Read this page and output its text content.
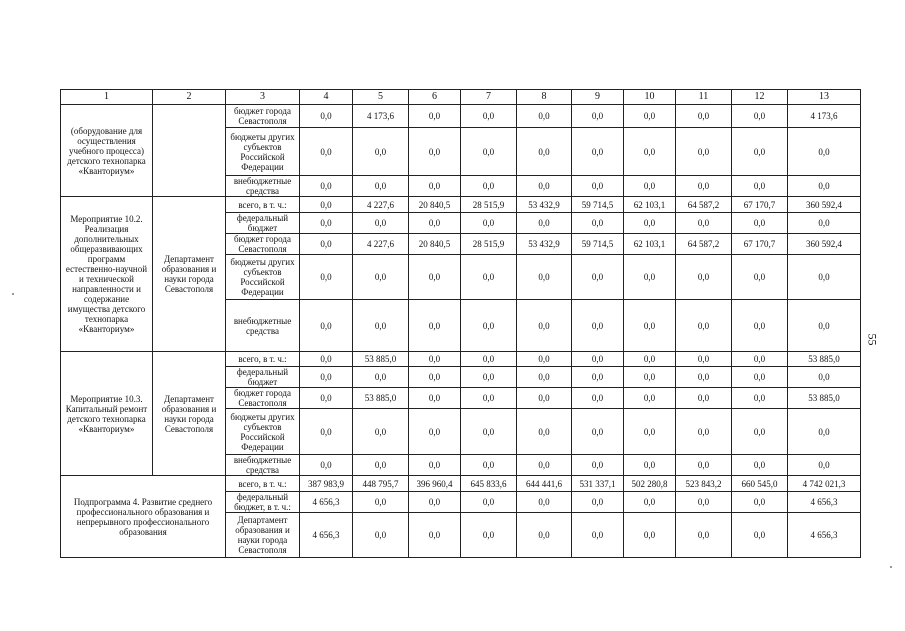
1	2	3	4	5	6	7	8	9	10	11	12	13
(оборудование для осуществления учебного процесса) детского технопарка «Кванториум»		бюджет города Севастополя	0,0	4 173,6	0,0	0,0	0,0	0,0	0,0	0,0	0,0	4 173,6
		бюджеты других субъектов Российской Федерации	0,0	0,0	0,0	0,0	0,0	0,0	0,0	0,0	0,0	0,0
		внебюджетные средства	0,0	0,0	0,0	0,0	0,0	0,0	0,0	0,0	0,0	0,0
Мероприятие 10.2. Реализация дополнительных общеразвивающих программ естественно-научной и технической направленности и содержание имущества детского технопарка «Кванториум»	Департамент образования и науки города Севастополя	всего, в т. ч.:	0,0	4 227,6	20 840,5	28 515,9	53 432,9	59 714,5	62 103,1	64 587,2	67 170,7	360 592,4
		федеральный бюджет	0,0	0,0	0,0	0,0	0,0	0,0	0,0	0,0	0,0	0,0
		бюджет города Севастополя	0,0	4 227,6	20 840,5	28 515,9	53 432,9	59 714,5	62 103,1	64 587,2	67 170,7	360 592,4
		бюджеты других субъектов Российской Федерации	0,0	0,0	0,0	0,0	0,0	0,0	0,0	0,0	0,0	0,0
		внебюджетные средства	0,0	0,0	0,0	0,0	0,0	0,0	0,0	0,0	0,0	0,0
Мероприятие 10.3. Капитальный ремонт детского технопарка «Кванториум»	Департамент образования и науки города Севастополя	всего, в т. ч.:	0,0	53 885,0	0,0	0,0	0,0	0,0	0,0	0,0	0,0	53 885,0
		федеральный бюджет	0,0	0,0	0,0	0,0	0,0	0,0	0,0	0,0	0,0	0,0
		бюджет города Севастополя	0,0	53 885,0	0,0	0,0	0,0	0,0	0,0	0,0	0,0	53 885,0
		бюджеты других субъектов Российской Федерации	0,0	0,0	0,0	0,0	0,0	0,0	0,0	0,0	0,0	0,0
		внебюджетные средства	0,0	0,0	0,0	0,0	0,0	0,0	0,0	0,0	0,0	0,0
Подпрограмма 4. Развитие среднего профессионального образования и непрерывного профессионального образования		всего, в т. ч.:	387 983,9	448 795,7	396 960,4	645 833,6	644 441,6	531 337,1	502 280,8	523 843,2	660 545,0	4 742 021,3
		федеральный бюджет, в т. ч.:	4 656,3	0,0	0,0	0,0	0,0	0,0	0,0	0,0	0,0	4 656,3
		Департамент образования и науки города Севастополя	4 656,3	0,0	0,0	0,0	0,0	0,0	0,0	0,0	0,0	4 656,3
55
